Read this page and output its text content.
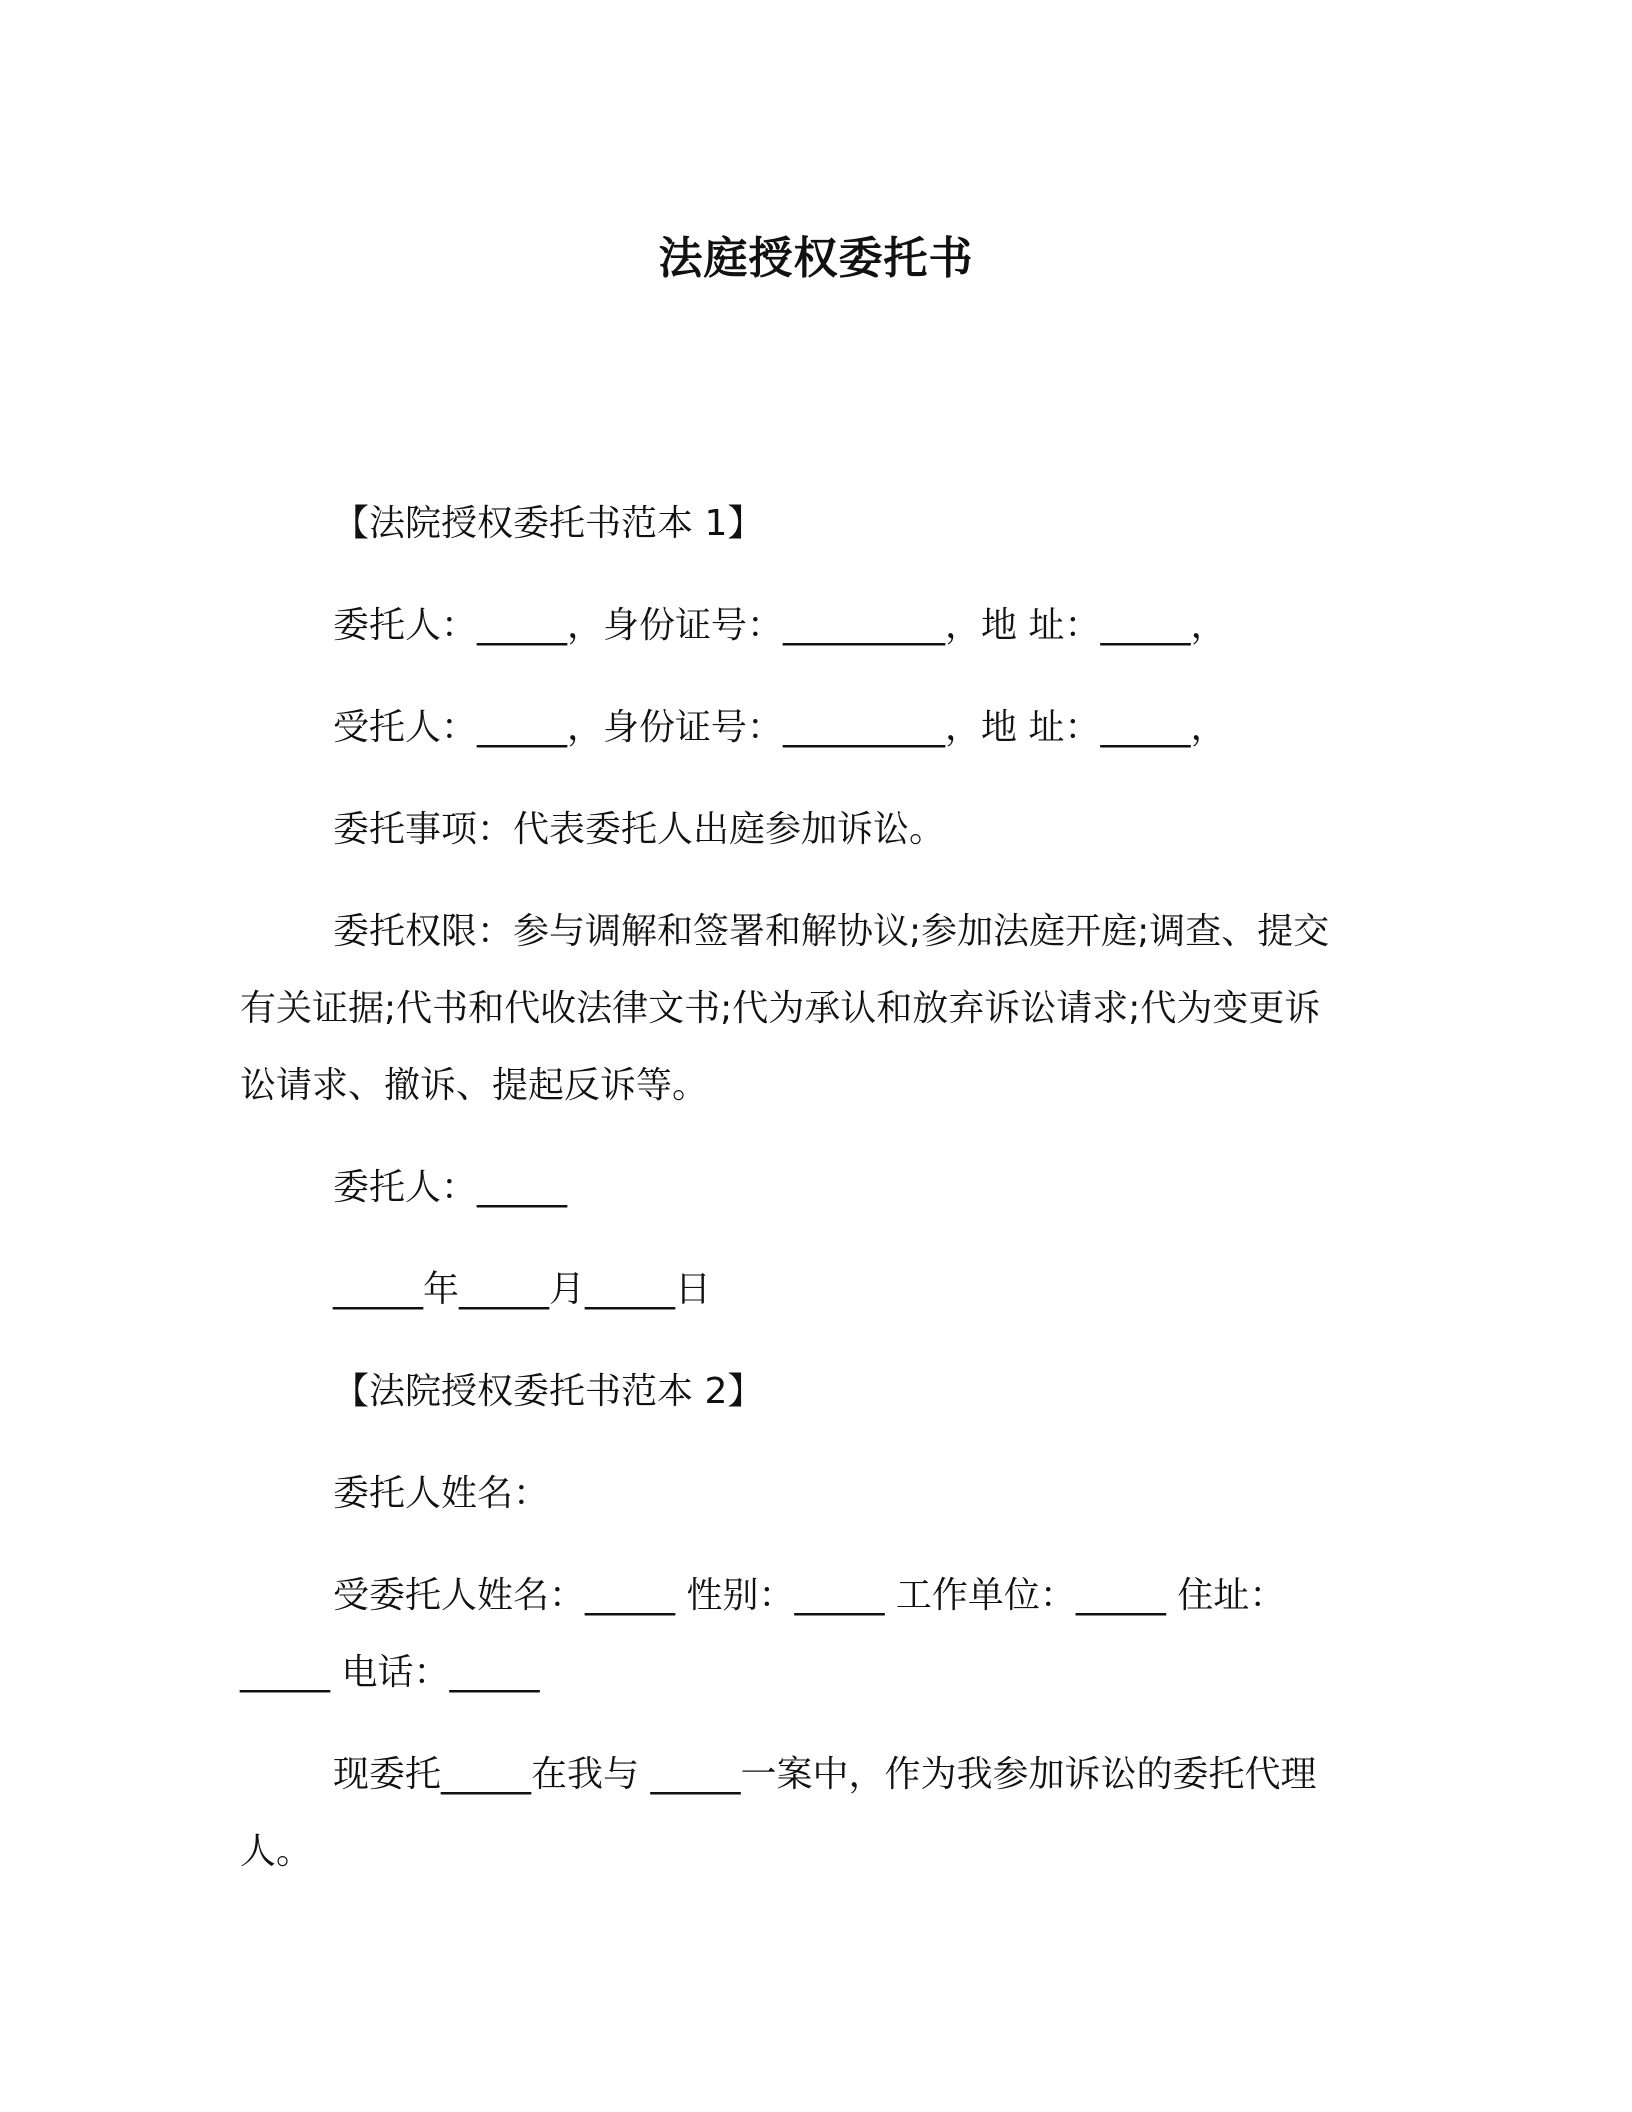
法庭授权委托书

【法院授权委托书范本 1】

委托人：_____，身份证号：_________，地 址：_____，

受托人：_____，身份证号：_________，地 址：_____，

委托事项：代表委托人出庭参加诉讼。

委托权限：参与调解和签署和解协议;参加法庭开庭;调查、提交

有关证据;代书和代收法律文书;代为承认和放弃诉讼请求;代为变更诉

讼请求、撤诉、提起反诉等。

委托人：_____

_____年_____月_____日

【法院授权委托书范本 2】

委托人姓名：

受委托人姓名：_____ 性别：_____ 工作单位：_____ 住址：

_____ 电话：_____

现委托_____在我与 _____一案中，作为我参加诉讼的委托代理

人。
